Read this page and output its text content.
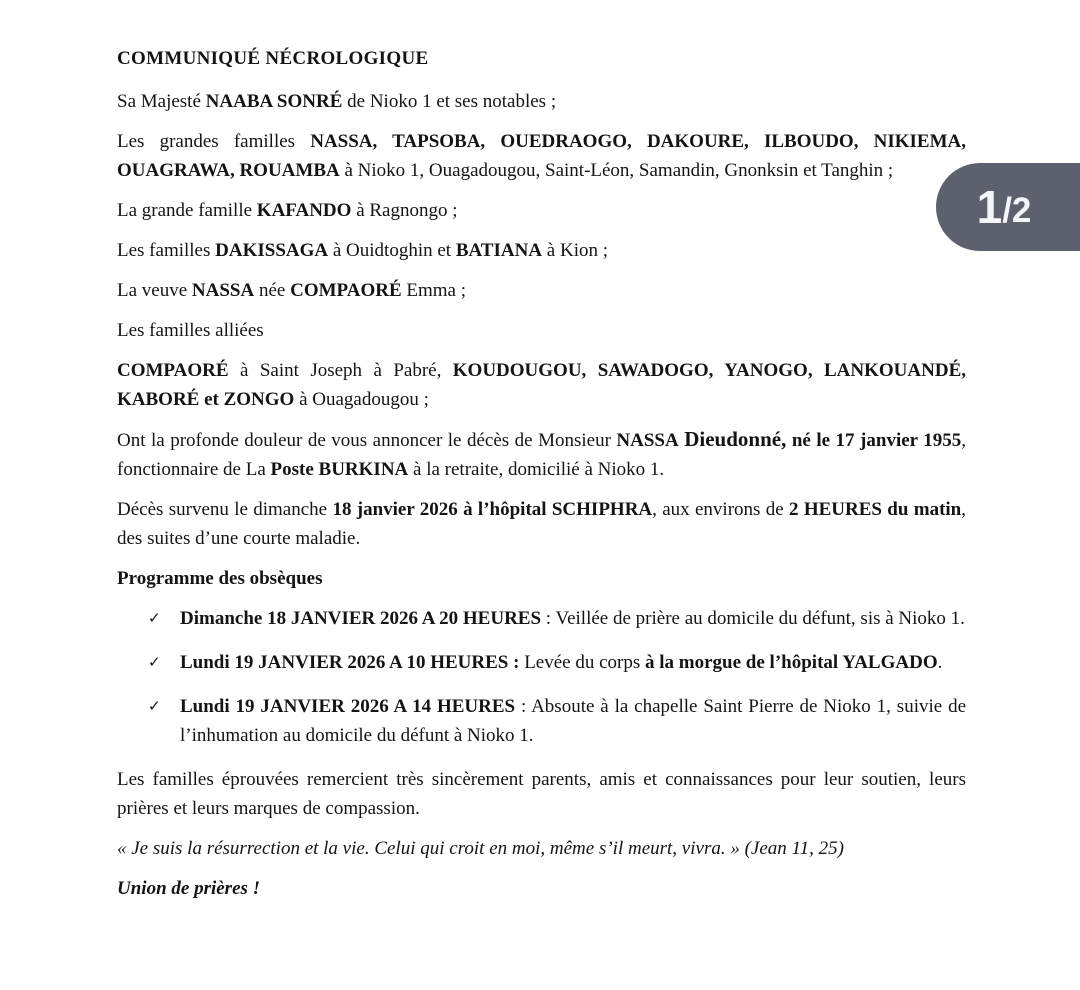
1 / 2
COMMUNIQUÉ NÉCROLOGIQUE

Sa Majesté NAABA SONRÉ de Nioko 1 et ses notables ;

Les grandes familles NASSA, TAPSOBA, OUEDRAOGO, DAKOURE, ILBOUDO, NIKIEMA, OUAGRAWA, ROUAMBA à Nioko 1, Ouagadougou, Saint-Léon, Samandin, Gnonksin et Tanghin ;

La grande famille KAFANDO à Ragnongo ;

Les familles DAKISSAGA à Ouidtoghin et BATIANA à Kion ;

La veuve NASSA née COMPAORÉ Emma ;

Les familles alliées

COMPAORÉ à Saint Joseph à Pabré, KOUDOUGOU, SAWADOGO, YANOGO, LANKOUANDÉ, KABORÉ et ZONGO à Ouagadougou ;

Ont la profonde douleur de vous annoncer le décès de Monsieur NASSA Dieudonné, né le 17 janvier 1955, fonctionnaire de La Poste BURKINA à la retraite, domicilié à Nioko 1.

Décès survenu le dimanche 18 janvier 2026 à l’hôpital SCHIPHRA, aux environs de 2 HEURES du matin, des suites d’une courte maladie.

Programme des obsèques

✓ Dimanche 18 JANVIER 2026 A 20 HEURES : Veillée de prière au domicile du défunt, sis à Nioko 1.
✓ Lundi 19 JANVIER 2026 A 10 HEURES : Levée du corps à la morgue de l’hôpital YALGADO.
✓ Lundi 19 JANVIER 2026 A 14 HEURES : Absoute à la chapelle Saint Pierre de Nioko 1, suivie de l’inhumation au domicile du défunt à Nioko 1.

Les familles éprouvées remercient très sincèrement parents, amis et connaissances pour leur soutien, leurs prières et leurs marques de compassion.

« Je suis la résurrection et la vie. Celui qui croit en moi, même s’il meurt, vivra. » (Jean 11, 25)

Union de prières !
